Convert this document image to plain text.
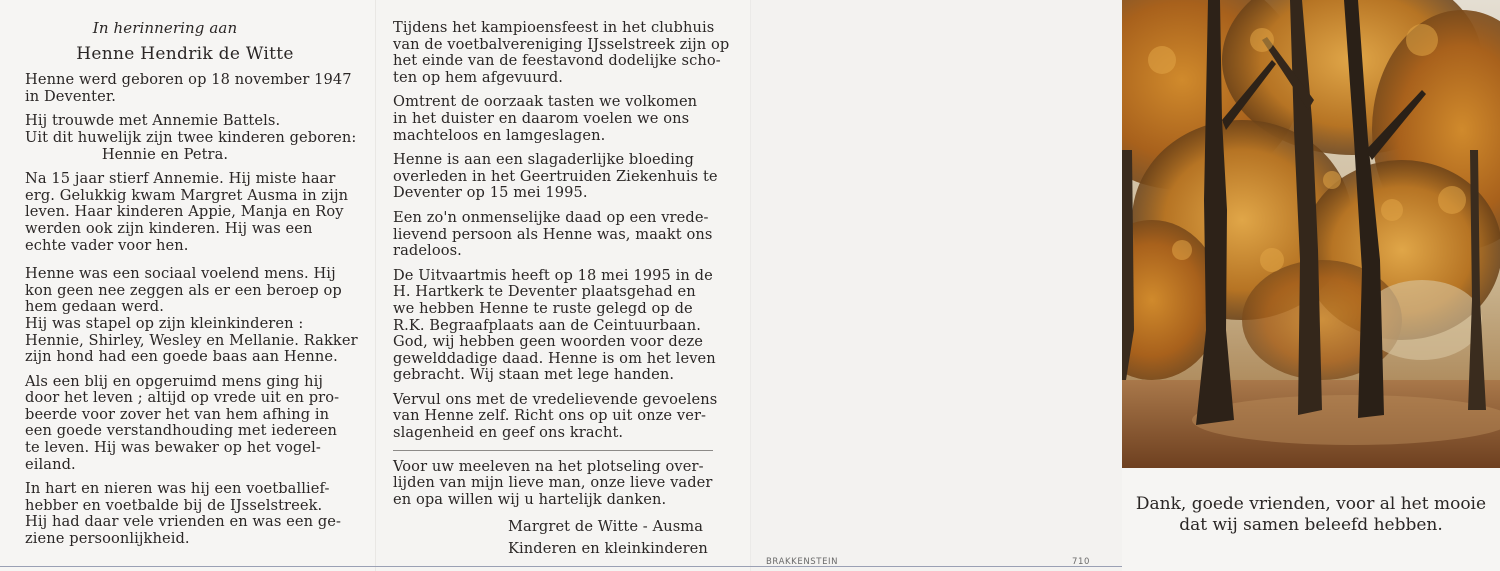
In herinnering aan
Henne Hendrik de Witte
Henne werd geboren op 18 november 1947
in Deventer.
Hij trouwde met Annemie Battels.
Uit dit huwelijk zijn twee kinderen geboren:
Hennie en Petra.
Na 15 jaar stierf Annemie. Hij miste haar
erg. Gelukkig kwam Margret Ausma in zijn
leven. Haar kinderen Appie, Manja en Roy
werden ook zijn kinderen. Hij was een
echte vader voor hen.
Henne was een sociaal voelend mens. Hij
kon geen nee zeggen als er een beroep op
hem gedaan werd.
Hij was stapel op zijn kleinkinderen :
Hennie, Shirley, Wesley en Mellanie. Rakker
zijn hond had een goede baas aan Henne.
Als een blij en opgeruimd mens ging hij
door het leven ; altijd op vrede uit en pro-
beerde voor zover het van hem afhing in
een goede verstandhouding met iedereen
te leven. Hij was bewaker op het vogel-
eiland.
In hart en nieren was hij een voetballief-
hebber en voetbalde bij de IJsselstreek.
Hij had daar vele vrienden en was een ge-
ziene persoonlijkheid.
Tijdens het kampioensfeest in het clubhuis
van de voetbalvereniging IJsselstreek zijn op
het einde van de feestavond dodelijke scho-
ten op hem afgevuurd.
Omtrent de oorzaak tasten we volkomen
in het duister en daarom voelen we ons
machteloos en lamgeslagen.
Henne is aan een slagaderlijke bloeding
overleden in het Geertruiden Ziekenhuis te
Deventer op 15 mei 1995.
Een zo'n onmenselijke daad op een vrede-
lievend persoon als Henne was, maakt ons
radeloos.
De Uitvaartmis heeft op 18 mei 1995 in de
H. Hartkerk te Deventer plaatsgehad en
we hebben Henne te ruste gelegd op de
R.K. Begraafplaats aan de Ceintuurbaan.
God, wij hebben geen woorden voor deze
gewelddadige daad. Henne is om het leven
gebracht. Wij staan met lege handen.
Vervul ons met de vredelievende gevoelens
van Henne zelf. Richt ons op uit onze ver-
slagenheid en geef ons kracht.
Voor uw meeleven na het plotseling over-
lijden van mijn lieve man, onze lieve vader
en opa willen wij u hartelijk danken.
Margret de Witte - Ausma
Kinderen en kleinkinderen
BRAKKENSTEIN	710
Dank, goede vrienden, voor al het mooie
dat wij samen beleefd hebben.
